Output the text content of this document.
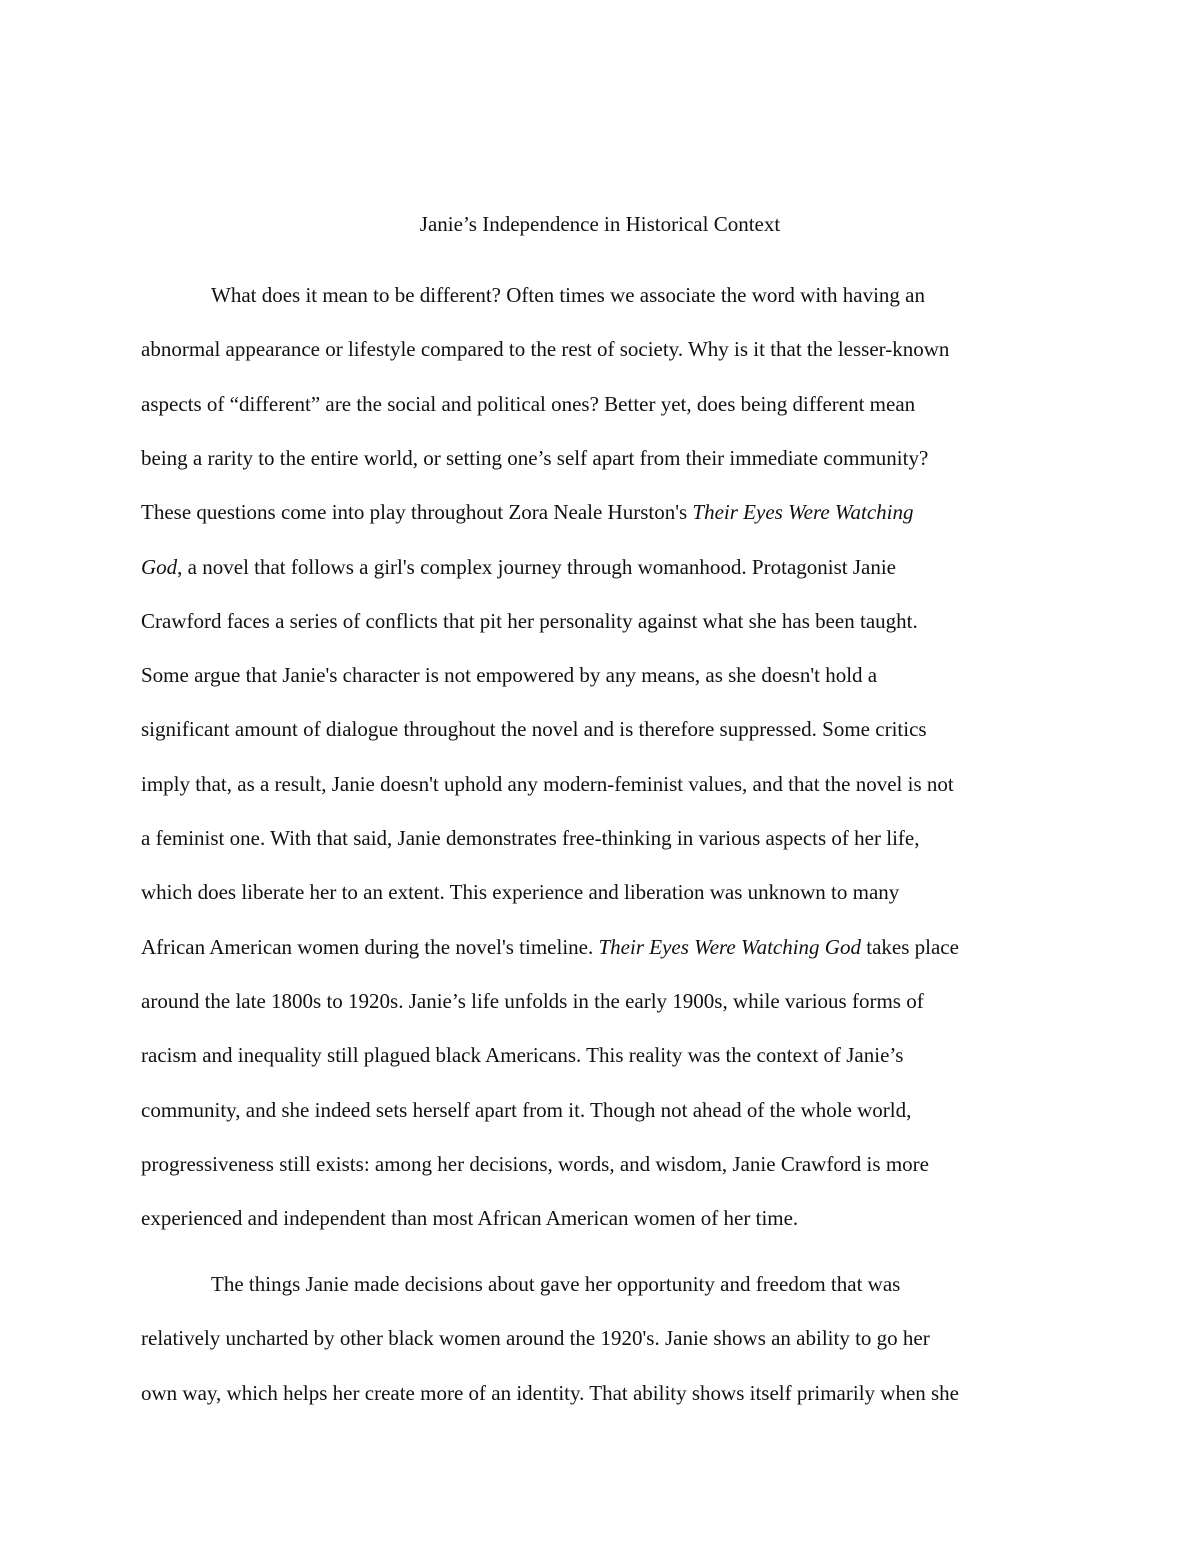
Janie’s Independence in Historical Context
What does it mean to be different? Often times we associate the word with having an
abnormal appearance or lifestyle compared to the rest of society. Why is it that the lesser-known
aspects of “different” are the social and political ones? Better yet, does being different mean
being a rarity to the entire world, or setting one’s self apart from their immediate community?
These questions come into play throughout Zora Neale Hurston's Their Eyes Were Watching
God, a novel that follows a girl's complex journey through womanhood. Protagonist Janie
Crawford faces a series of conflicts that pit her personality against what she has been taught.
Some argue that Janie's character is not empowered by any means, as she doesn't hold a
significant amount of dialogue throughout the novel and is therefore suppressed. Some critics
imply that, as a result, Janie doesn't uphold any modern-feminist values, and that the novel is not
a feminist one. With that said, Janie demonstrates free-thinking in various aspects of her life,
which does liberate her to an extent. This experience and liberation was unknown to many
African American women during the novel's timeline. Their Eyes Were Watching God takes place
around the late 1800s to 1920s. Janie’s life unfolds in the early 1900s, while various forms of
racism and inequality still plagued black Americans. This reality was the context of Janie’s
community, and she indeed sets herself apart from it. Though not ahead of the whole world,
progressiveness still exists: among her decisions, words, and wisdom, Janie Crawford is more
experienced and independent than most African American women of her time.
The things Janie made decisions about gave her opportunity and freedom that was
relatively uncharted by other black women around the 1920's. Janie shows an ability to go her
own way, which helps her create more of an identity. That ability shows itself primarily when she
